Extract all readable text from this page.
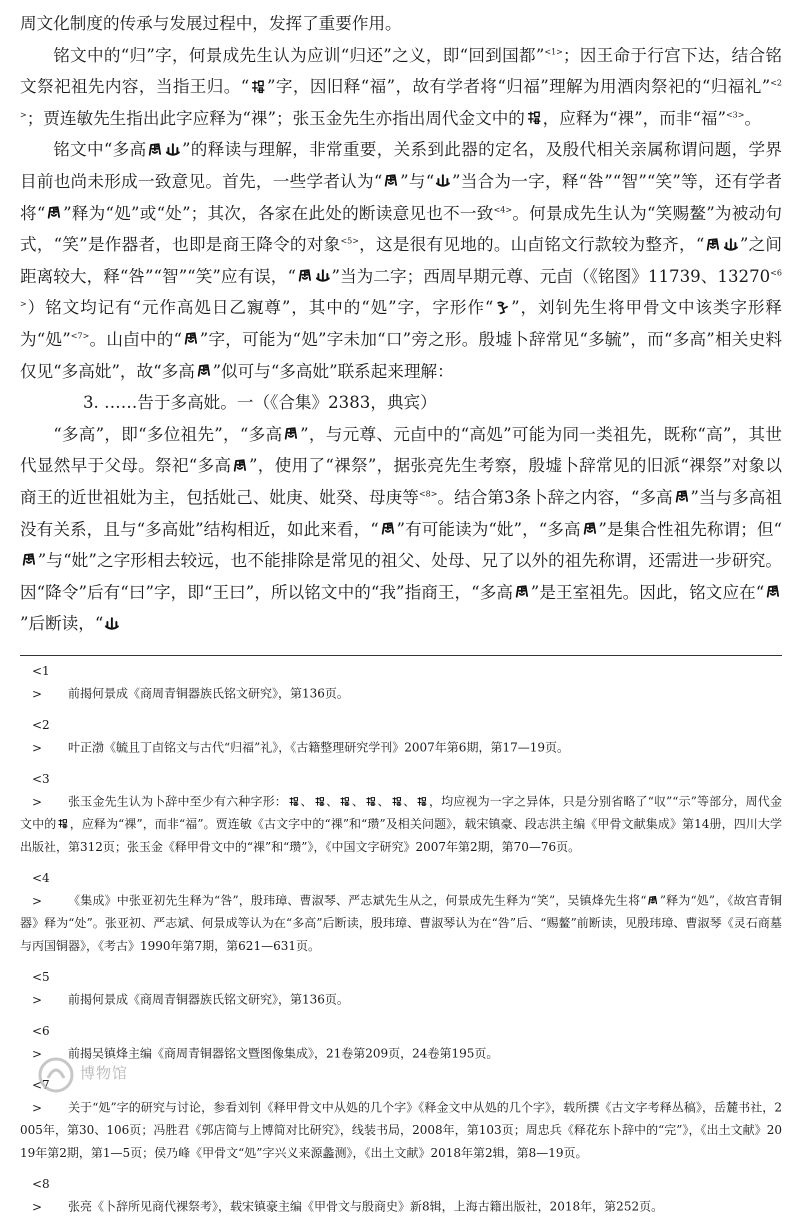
周文化制度的传承与发展过程中，发挥了重要作用。

铭文中的“归”字，何景成先生认为应训“归还”之义，即“回到国都”$^{<1>}$；因王命于行宫下达，结合铭文祭祀祖先内容，当指王归。“ ”字，因旧释“福”，故有学者将“归福”理解为用酒肉祭祀的“归福礼”$^{<2>}$；贾连敏先生指出此字应释为“祼”；张玉金先生亦指出周代金文中的 ，应释为“祼”，而非“福”$^{<3>}$。

铭文中“多高 ”的释读与理解，非常重要，关系到此器的定名，及殷代相关亲属称谓问题，学界目前也尚未形成一致意见。首先，一些学者认为“ ”与“ ”当合为一字，释“咎”“智”“笑”等，还有学者将“ ”释为“処”或“处”；其次，各家在此处的断读意见也不一致$^{<4>}$。何景成先生认为“笑赐鳌”为被动句式，“笑”是作器者，也即是商王降令的对象$^{<5>}$，这是很有见地的。山卣铭文行款较为整齐，“ ”之间距离较大，释“咎”“智”“笑”应有误，“ ”当为二字；西周早期元尊、元卣（《铭图》11739、13270$^{<6>}$）铭文均记有“元作高処日乙寴尊”，其中的“処”字，字形作“ ”，刘钊先生将甲骨文中该类字形释为“処”$^{<7>}$。山卣中的“ ”字，可能为“処”字未加“口”旁之形。殷墟卜辞常见“多毓”，而“多高”相关史料仅见“多高妣”，故“多高 ”似可与“多高妣”联系起来理解：

3. ……告于多高妣。一（《合集》2383，典宾）

“多高”，即“多位祖先”，“多高 ”，与元尊、元卣中的“高処”可能为同一类祖先，既称“高”，其世代显然早于父母。祭祀“多高 ”，使用了“祼祭”，据张亮先生考察，殷墟卜辞常见的旧派“祼祭”对象以商王的近世祖妣为主，包括妣己、妣庚、妣癸、母庚等$^{<8>}$。结合第3条卜辞之内容，“多高 ”当与多高祖没有关系，且与“多高妣”结构相近，如此来看，“ ”有可能读为“妣”，“多高 ”是集合性祖先称谓；但“
”与“妣”之字形相去较远，也不能排除是常见的祖父、处母、兄了以外的祖先称谓，还需进一步研究。因“降令”后有“曰”字，即“王曰”，所以铭文中的“我”指商王，“多高 ”是王室祖先。因此，铭文应在“
”后断读，“

<1> 前揭何景成《商周青铜器族氏铭文研究》，第136页。

<2> 叶正渤《毓且丁卣铭文与古代“归福”礼》，《古籍整理研究学刊》2007年第6期，第17—19页。

<3> 张玉金先生认为卜辞中至少有六种字形： 、 、 、 、 、 ，均应视为一字之异体，只是分别省略了“収”“示”等部分，周代金文中的 ，应释为“祼”，而非“福”。贾连敏《古文字中的“祼”和“瓒”及相关问题》，载宋镇豪、段志洪主编《甲骨文献集成》第14册，四川大学出版社，第312页；张玉金《释甲骨文中的“祼”和“瓒”》，《中国文字研究》2007年第2期，第70—76页。

<4> 《集成》中张亚初先生释为“咎”，殷玮璋、曹淑琴、严志斌先生从之，何景成先生释为“笑”，吴镇烽先生将“ ”释为“処”，《故宫青铜器》释为“处”。张亚初、严志斌、何景成等认为在“多高”后断读，殷玮璋、曹淑琴认为在“咎”后、“赐鳌”前断读，见殷玮璋、曹淑琴《灵石商墓与丙国铜器》，《考古》1990年第7期，第621—631页。

<5> 前揭何景成《商周青铜器族氏铭文研究》，第136页。

<6> 前揭吴镇烽主编《商周青铜器铭文暨图像集成》，21卷第209页，24卷第195页。

<7> 关于“処”字的研究与讨论，参看刘钊《释甲骨文中从処的几个字》《释金文中从処的几个字》，载所撰《古文字考释丛稿》，岳麓书社，2005年，第30、106页；冯胜君《郭店简与上博简对比研究》，线装书局，2008年，第103页；周忠兵《释花东卜辞中的“完”》，《出土文献》2019年第2期，第1—5页；侯乃峰《甲骨文“処”字兴义来源蠡测》，《出土文献》2018年第2辑，第8—19页。

<8> 张亮《卜辞所见商代裸祭考》，载宋镇豪主编《甲骨文与殷商史》新8辑，上海古籍出版社，2018年，第252页。

博物馆
